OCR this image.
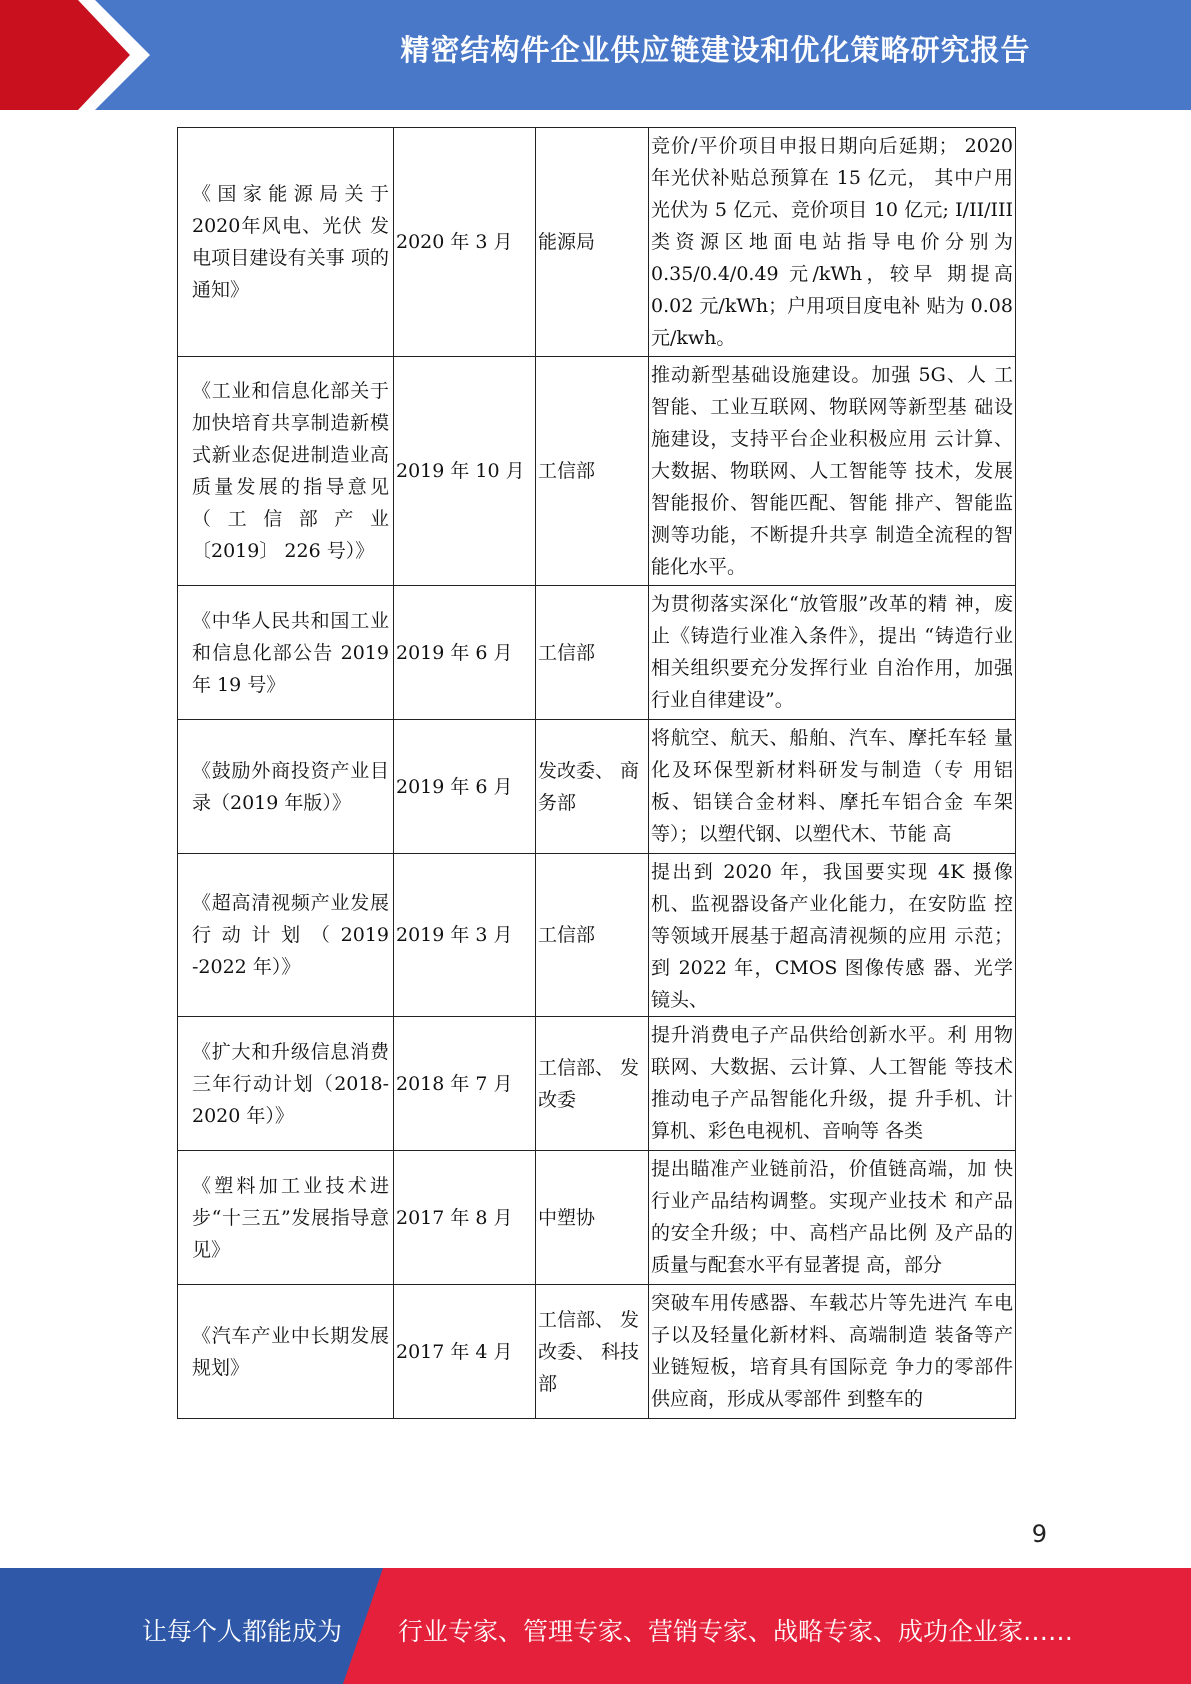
精密结构件企业供应链建设和优化策略研究报告
《国家能源局关于2020年风电、光伏 发电项目建设有关事 项的通知》	2020 年 3 月	能源局	竞价/平价项目申报日期向后延期； 2020 年光伏补贴总预算在 15 亿元， 其中户用光伏为 5 亿元、竞价项目 10 亿元; I/II/III 类资源区地面电站指导电价分别为 0.35/0.4/0.49 元/kWh，较早 期提高 0.02 元/kWh；户用项目度电补 贴为 0.08 元/kwh。
《工业和信息化部关于加快培育共享制造新模式新业态促进制造业高质量发展的指导意见（工信部产业〔2019〕 226 号）》	2019 年 10 月	工信部	推动新型基础设施建设。加强 5G、人 工智能、工业互联网、物联网等新型基 础设施建设，支持平台企业积极应用 云计算、大数据、物联网、人工智能等 技术，发展智能报价、智能匹配、智能 排产、智能监测等功能，不断提升共享 制造全流程的智能化水平。
《中华人民共和国工业和信息化部公告 2019 年 19 号》	2019 年 6 月	工信部	为贯彻落实深化“放管服”改革的精 神，废止《铸造行业准入条件》，提出 “铸造行业相关组织要充分发挥行业 自治作用，加强行业自律建设”。
《鼓励外商投资产业目录（2019 年版）》	2019 年 6 月	发改委、 商务部	将航空、航天、船舶、汽车、摩托车轻 量化及环保型新材料研发与制造（专 用铝板、铝镁合金材料、摩托车铝合金 车架等）；以塑代钢、以塑代木、节能 高
《超高清视频产业发展行动计划（2019 -2022 年）》	2019 年 3 月	工信部	提出到 2020 年，我国要实现 4K 摄像 机、监视器设备产业化能力，在安防监 控等领域开展基于超高清视频的应用 示范；到 2022 年，CMOS 图像传感 器、光学镜头、
《扩大和升级信息消费三年行动计划（2018-2020 年）》	2018 年 7 月	工信部、 发改委	提升消费电子产品供给创新水平。利 用物联网、大数据、云计算、人工智能 等技术推动电子产品智能化升级，提 升手机、计算机、彩色电视机、音响等 各类
《塑料加工业技术进步“十三五”发展指导意见》	2017 年 8 月	中塑协	提出瞄准产业链前沿，价值链高端，加 快行业产品结构调整。实现产业技术 和产品的安全升级；中、高档产品比例 及产品的质量与配套水平有显著提 高，部分
《汽车产业中长期发展规划》	2017 年 4 月	工信部、 发改委、 科技部	突破车用传感器、车载芯片等先进汽 车电子以及轻量化新材料、高端制造 装备等产业链短板，培育具有国际竞 争力的零部件供应商，形成从零部件 到整车的
9
让每个人都能成为 行业专家、管理专家、营销专家、战略专家、成功企业家……
